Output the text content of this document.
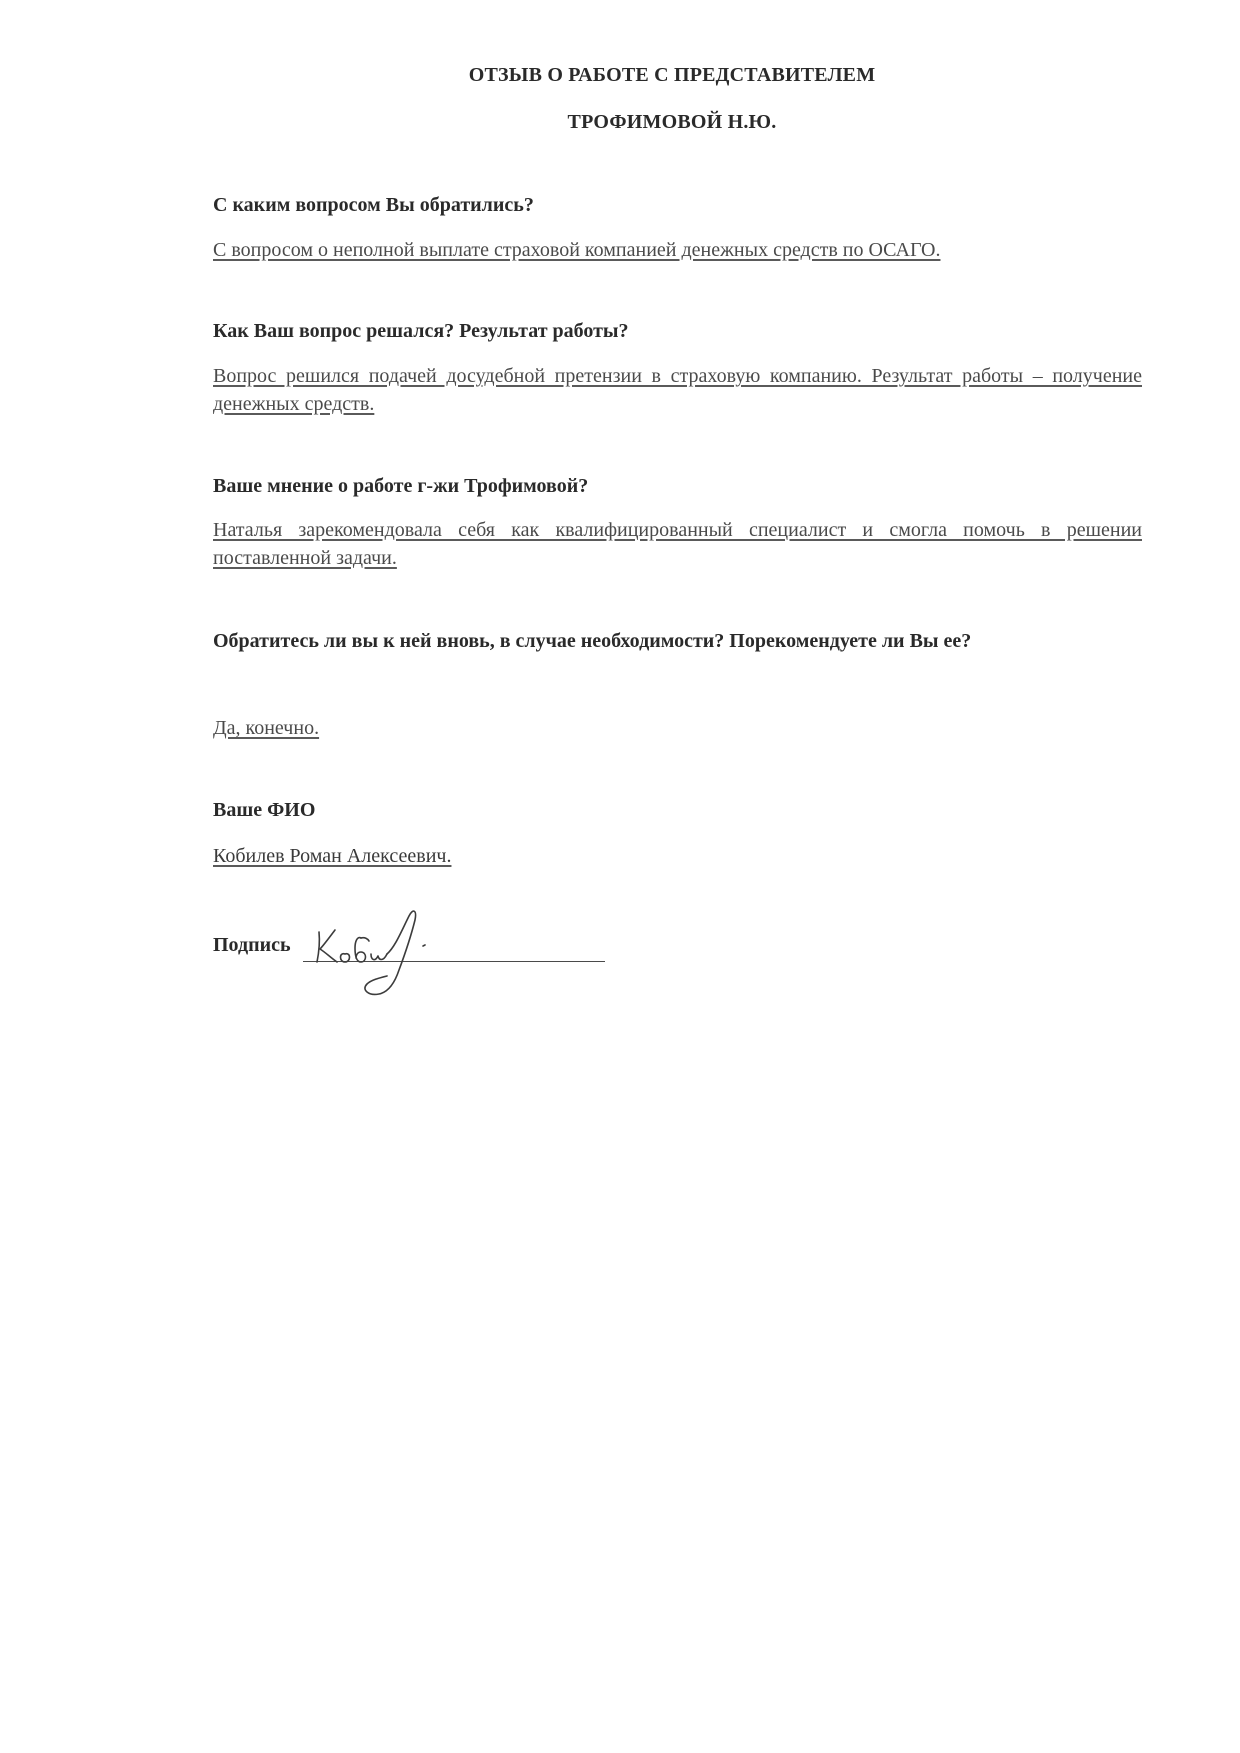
ОТЗЫВ О РАБОТЕ С ПРЕДСТАВИТЕЛЕМ
ТРОФИМОВОЙ Н.Ю.
С каким вопросом Вы обратились?
С вопросом о неполной выплате страховой компанией денежных средств по ОСАГО.
Как Ваш вопрос решался? Результат работы?
Вопрос решился подачей досудебной претензии в страховую компанию. Результат работы – получение денежных средств.
Ваше мнение о работе г-жи Трофимовой?
Наталья зарекомендовала себя как квалифицированный специалист и смогла помочь в решении поставленной задачи.
Обратитесь ли вы к ней вновь, в случае необходимости? Порекомендуете ли Вы ее?
Да, конечно.
Ваше ФИО
Кобилев Роман Алексеевич.
Подпись
